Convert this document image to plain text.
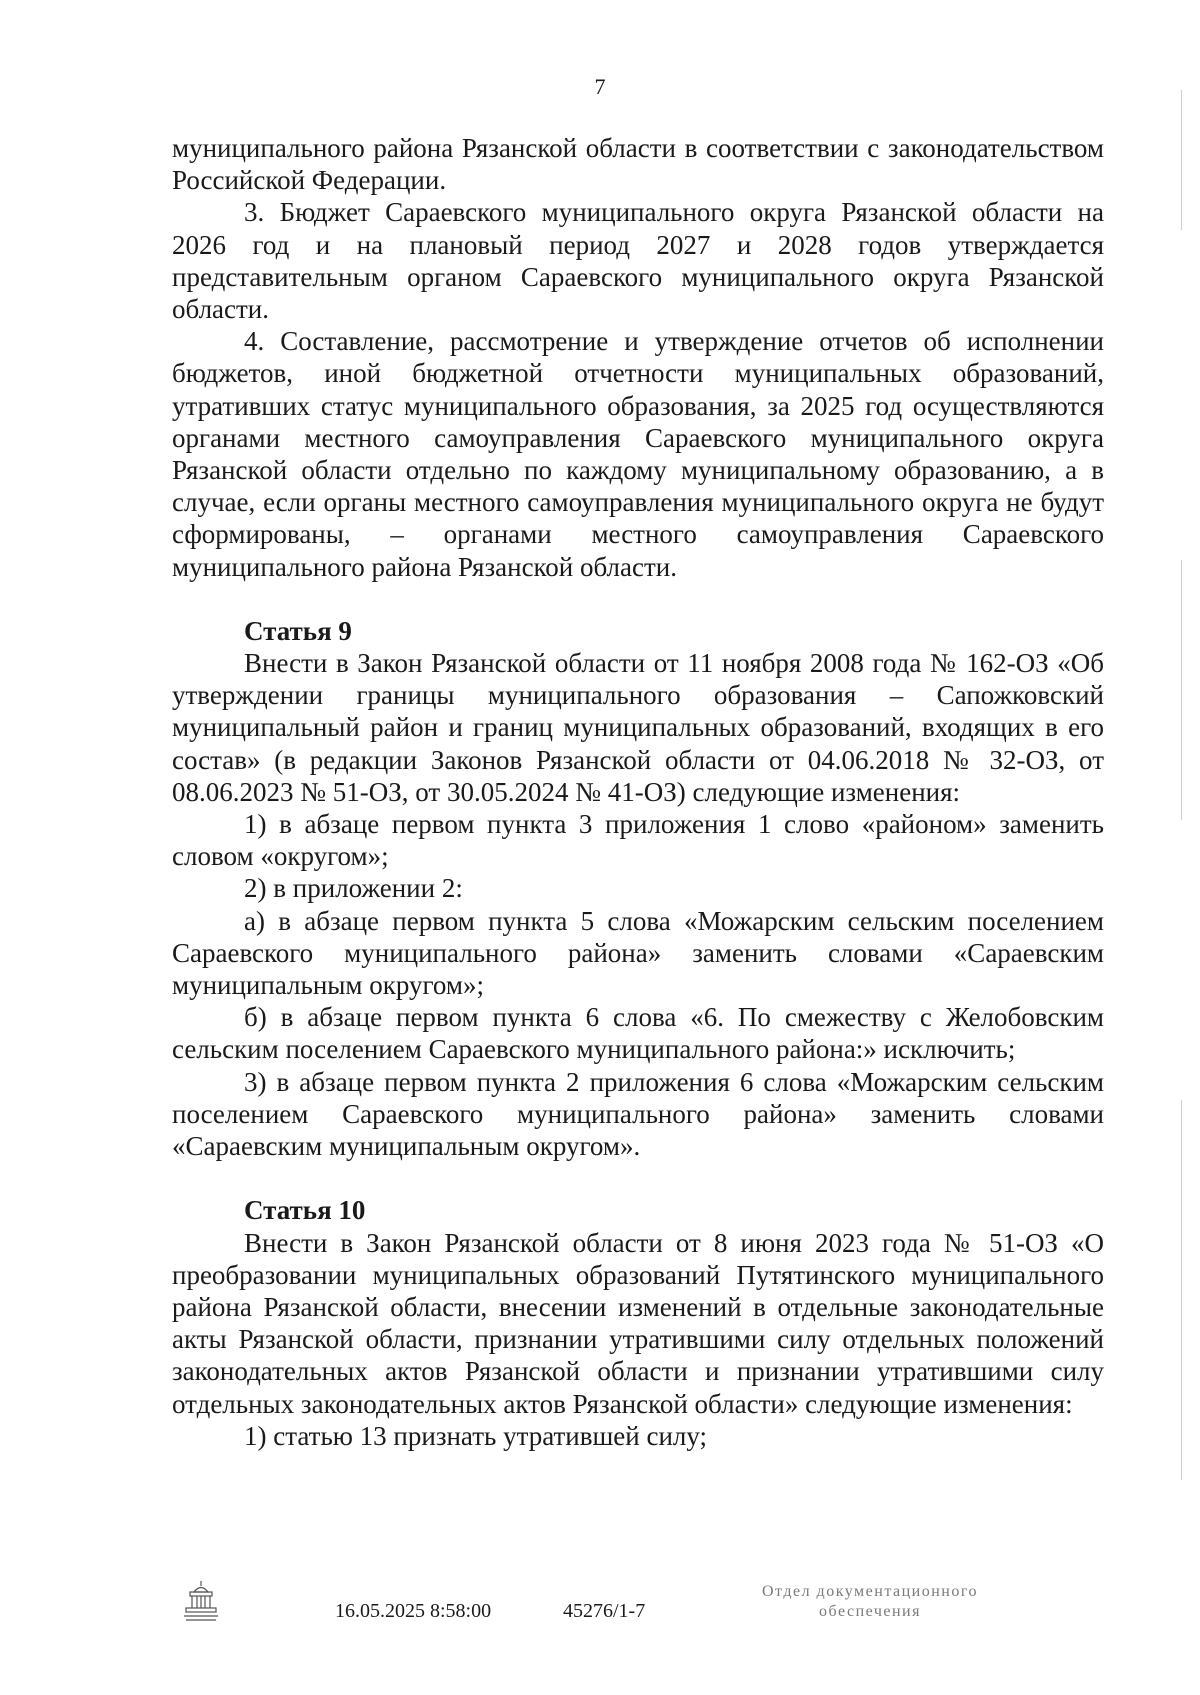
7

муниципального района Рязанской области в соответствии с законодательством Российской Федерации.

3. Бюджет Сараевского муниципального округа Рязанской области на 2026 год и на плановый период 2027 и 2028 годов утверждается представительным органом Сараевского муниципального округа Рязанской области.

4. Составление, рассмотрение и утверждение отчетов об исполнении бюджетов, иной бюджетной отчетности муниципальных образований, утративших статус муниципального образования, за 2025 год осуществляются органами местного самоуправления Сараевского муниципального округа Рязанской области отдельно по каждому муниципальному образованию, а в случае, если органы местного самоуправления муниципального округа не будут сформированы, – органами местного самоуправления Сараевского муниципального района Рязанской области.

Статья 9

Внести в Закон Рязанской области от 11 ноября 2008 года № 162-ОЗ «Об утверждении границы муниципального образования – Сапожковский муниципальный район и границ муниципальных образований, входящих в его состав» (в редакции Законов Рязанской области от 04.06.2018 № 32-ОЗ, от 08.06.2023 № 51-ОЗ, от 30.05.2024 № 41-ОЗ) следующие изменения:

1) в абзаце первом пункта 3 приложения 1 слово «районом» заменить словом «округом»;

2) в приложении 2:

а) в абзаце первом пункта 5 слова «Можарским сельским поселением Сараевского муниципального района» заменить словами «Сараевским муниципальным округом»;

б) в абзаце первом пункта 6 слова «6. По смежеству с Желобовским сельским поселением Сараевского муниципального района:» исключить;

3) в абзаце первом пункта 2 приложения 6 слова «Можарским сельским поселением Сараевского муниципального района» заменить словами «Сараевским муниципальным округом».

Статья 10

Внести в Закон Рязанской области от 8 июня 2023 года № 51-ОЗ «О преобразовании муниципальных образований Путятинского муниципального района Рязанской области, внесении изменений в отдельные законодательные акты Рязанской области, признании утратившими силу отдельных положений законодательных актов Рязанской области и признании утратившими силу отдельных законодательных актов Рязанской области» следующие изменения:

1) статью 13 признать утратившей силу;

16.05.2025 8:58:00	45276/1-7
Отдел документационного
обеспечения
